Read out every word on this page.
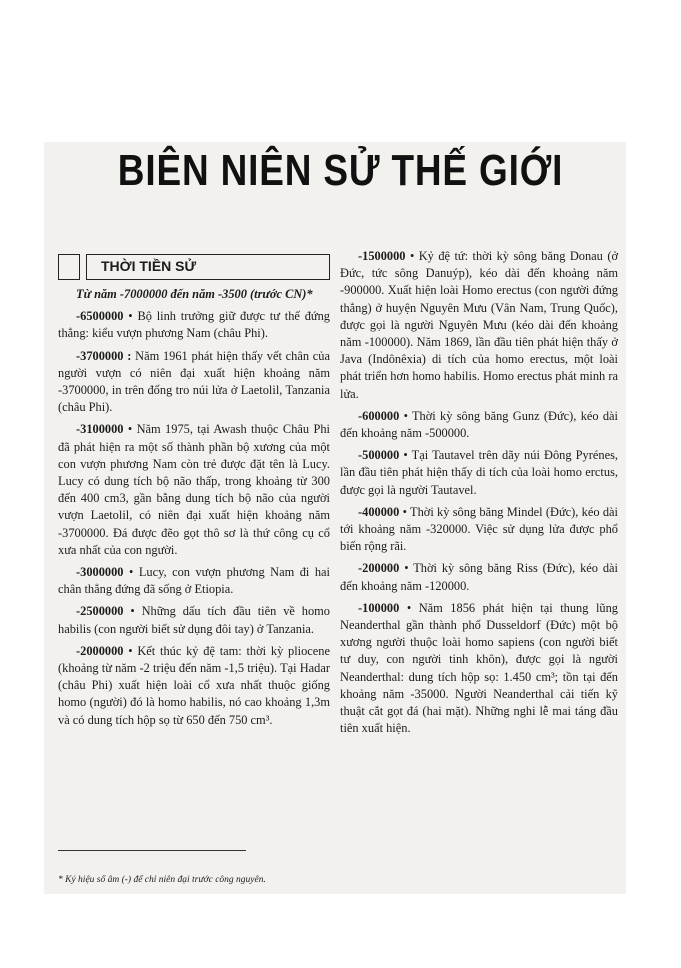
BIÊN NIÊN SỬ THẾ GIỚI
THỜI TIỀN SỬ

Từ năm -7000000 đến năm -3500 (trước CN)*

-6500000 • Bộ linh trưởng giữ được tư thế đứng thẳng: kiểu vượn phương Nam (châu Phi).

-3700000 : Năm 1961 phát hiện thấy vết chân của người vượn có niên đại xuất hiện khoảng năm -3700000, in trên đống tro núi lửa ở Laetolil, Tanzania (châu Phi).

-3100000 • Năm 1975, tại Awash thuộc Châu Phi đã phát hiện ra một số thành phần bộ xương của một con vượn phương Nam còn trẻ được đặt tên là Lucy. Lucy có dung tích bộ não thấp, trong khoảng từ 300 đến 400 cm3, gần bằng dung tích bộ não của người vượn Laetolil, có niên đại xuất hiện khoảng năm -3700000. Đá được đẽo gọt thô sơ là thứ công cụ cổ xưa nhất của con người.

-3000000 • Lucy, con vượn phương Nam đi hai chân thẳng đứng đã sống ở Etiopia.

-2500000 • Những dấu tích đầu tiên về homo habilis (con người biết sử dụng đôi tay) ở Tanzania.

-2000000 • Kết thúc kỷ đệ tam: thời kỳ pliocene (khoảng từ năm -2 triệu đến năm -1,5 triệu). Tại Hadar (châu Phi) xuất hiện loài cổ xưa nhất thuộc giống homo (người) đó là homo habilis, nó cao khoảng 1,3m và có dung tích hộp sọ từ 650 đến 750 cm³.

-1500000 • Kỷ đệ tứ: thời kỳ sông băng Donau (ở Đức, tức sông Danuýp), kéo dài đến khoảng năm -900000. Xuất hiện loài Homo erectus (con người đứng thẳng) ở huyện Nguyên Mưu (Vân Nam, Trung Quốc), được gọi là người Nguyên Mưu (kéo dài đến khoảng năm -100000). Năm 1869, lần đầu tiên phát hiện thấy ở Java (Indônêxia) di tích của homo erectus, một loài phát triển hơn homo habilis. Homo erectus phát minh ra lửa.

-600000 • Thời kỳ sông băng Gunz (Đức), kéo dài đến khoảng năm -500000.

-500000 • Tại Tautavel trên dãy núi Đông Pyrénes, lần đầu tiên phát hiện thấy di tích của loài homo erctus, được gọi là người Tautavel.

-400000 • Thời kỳ sông băng Mindel (Đức), kéo dài tới khoảng năm -320000. Việc sử dụng lửa được phổ biến rộng rãi.

-200000 • Thời kỳ sông băng Riss (Đức), kéo dài đến khoảng năm -120000.

-100000 • Năm 1856 phát hiện tại thung lũng Neanderthal gần thành phố Dusseldorf (Đức) một bộ xương người thuộc loài homo sapiens (con người biết tư duy, con người tinh khôn), được gọi là người Neanderthal: dung tích hộp sọ: 1.450 cm³; tồn tại đến khoảng năm -35000. Người Neanderthal cải tiến kỹ thuật cắt gọt đá (hai mặt). Những nghi lễ mai táng đầu tiên xuất hiện.

* Ký hiệu số âm (-) để chỉ niên đại trước công nguyên.
